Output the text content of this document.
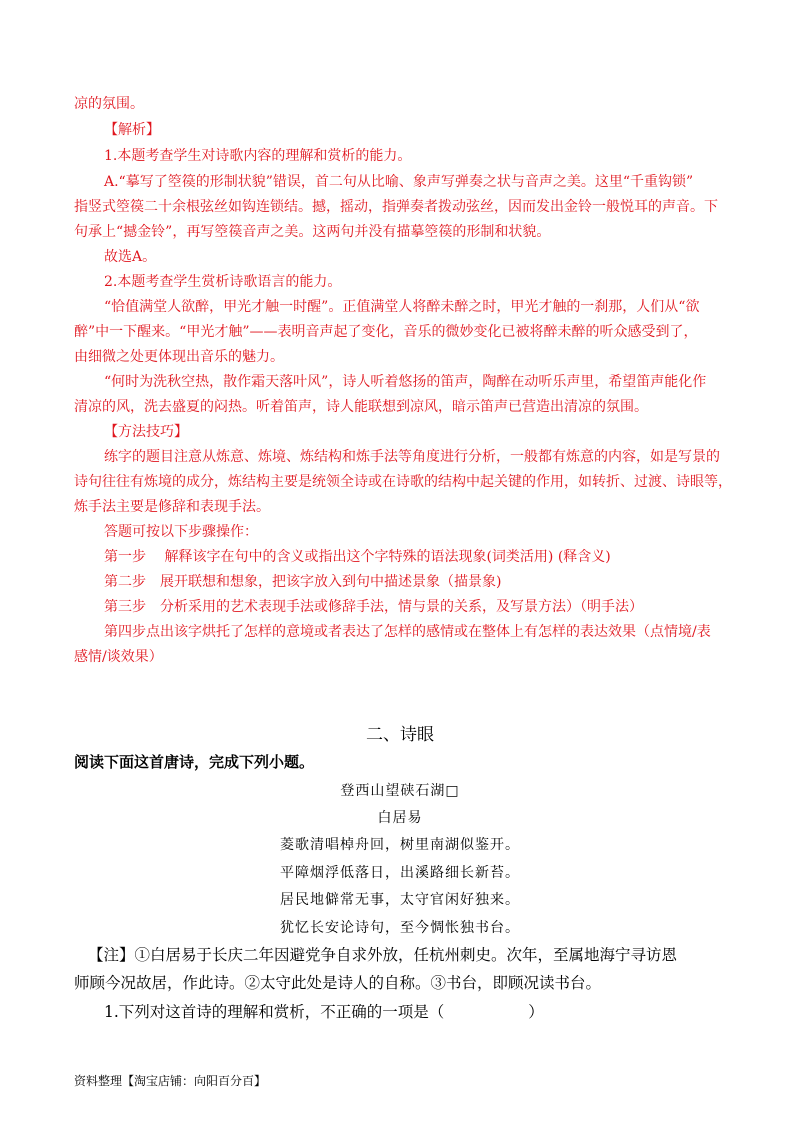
凉的氛围。
【解析】
1.本题考查学生对诗歌内容的理解和赏析的能力。
A.“摹写了箜篌的形制状貌”错误，首二句从比喻、象声写弹奏之状与音声之美。这里“千重钩锁”
指竖式箜篌二十余根弦丝如钩连锁结。撼，摇动，指弹奏者拨动弦丝，因而发出金铃一般悦耳的声音。下
句承上“撼金铃”，再写箜篌音声之美。这两句并没有描摹箜篌的形制和状貌。
故选A。
2.本题考查学生赏析诗歌语言的能力。
“恰值满堂人欲醉，甲光才触一时醒”。正值满堂人将醉未醉之时，甲光才触的一刹那，人们从“欲
醉”中一下醒来。“甲光才触”——表明音声起了变化，音乐的微妙变化已被将醉未醉的听众感受到了，
由细微之处更体现出音乐的魅力。
“何时为洗秋空热，散作霜天落叶风”，诗人听着悠扬的笛声，陶醉在动听乐声里，希望笛声能化作
清凉的风，洗去盛夏的闷热。听着笛声，诗人能联想到凉风，暗示笛声已营造出清凉的氛围。
【方法技巧】
练字的题目注意从炼意、炼境、炼结构和炼手法等角度进行分析，一般都有炼意的内容，如是写景的
诗句往往有炼境的成分，炼结构主要是统领全诗或在诗歌的结构中起关键的作用，如转折、过渡、诗眼等，
炼手法主要是修辞和表现手法。
答题可按以下步骤操作：
第一步　 解释该字在句中的含义或指出这个字特殊的语法现象(词类活用) (释含义)
第二步　展开联想和想象，把该字放入到句中描述景象（描景象)
第三步　分析采用的艺术表现手法或修辞手法，情与景的关系，及写景方法）（明手法）
第四步点出该字烘托了怎样的意境或者表达了怎样的感情或在整体上有怎样的表达效果（点情境/表
感情/谈效果）
二、诗眼
阅读下面这首唐诗，完成下列小题。
登西山望硖石湖□
白居易
菱歌清唱棹舟回，树里南湖似鉴开。
平障烟浮低落日，出溪路细长新苔。
居民地僻常无事，太守官闲好独来。
犹忆长安论诗句，至今惆怅独书台。
【注】①白居易于长庆二年因避党争自求外放，任杭州刺史。次年，至属地海宁寻访恩
师顾今况故居，作此诗。②太守此处是诗人的自称。③书台，即顾况读书台。
1.下列对这首诗的理解和赏析，不正确的一项是（	）
资料整理【淘宝店铺：向阳百分百】
